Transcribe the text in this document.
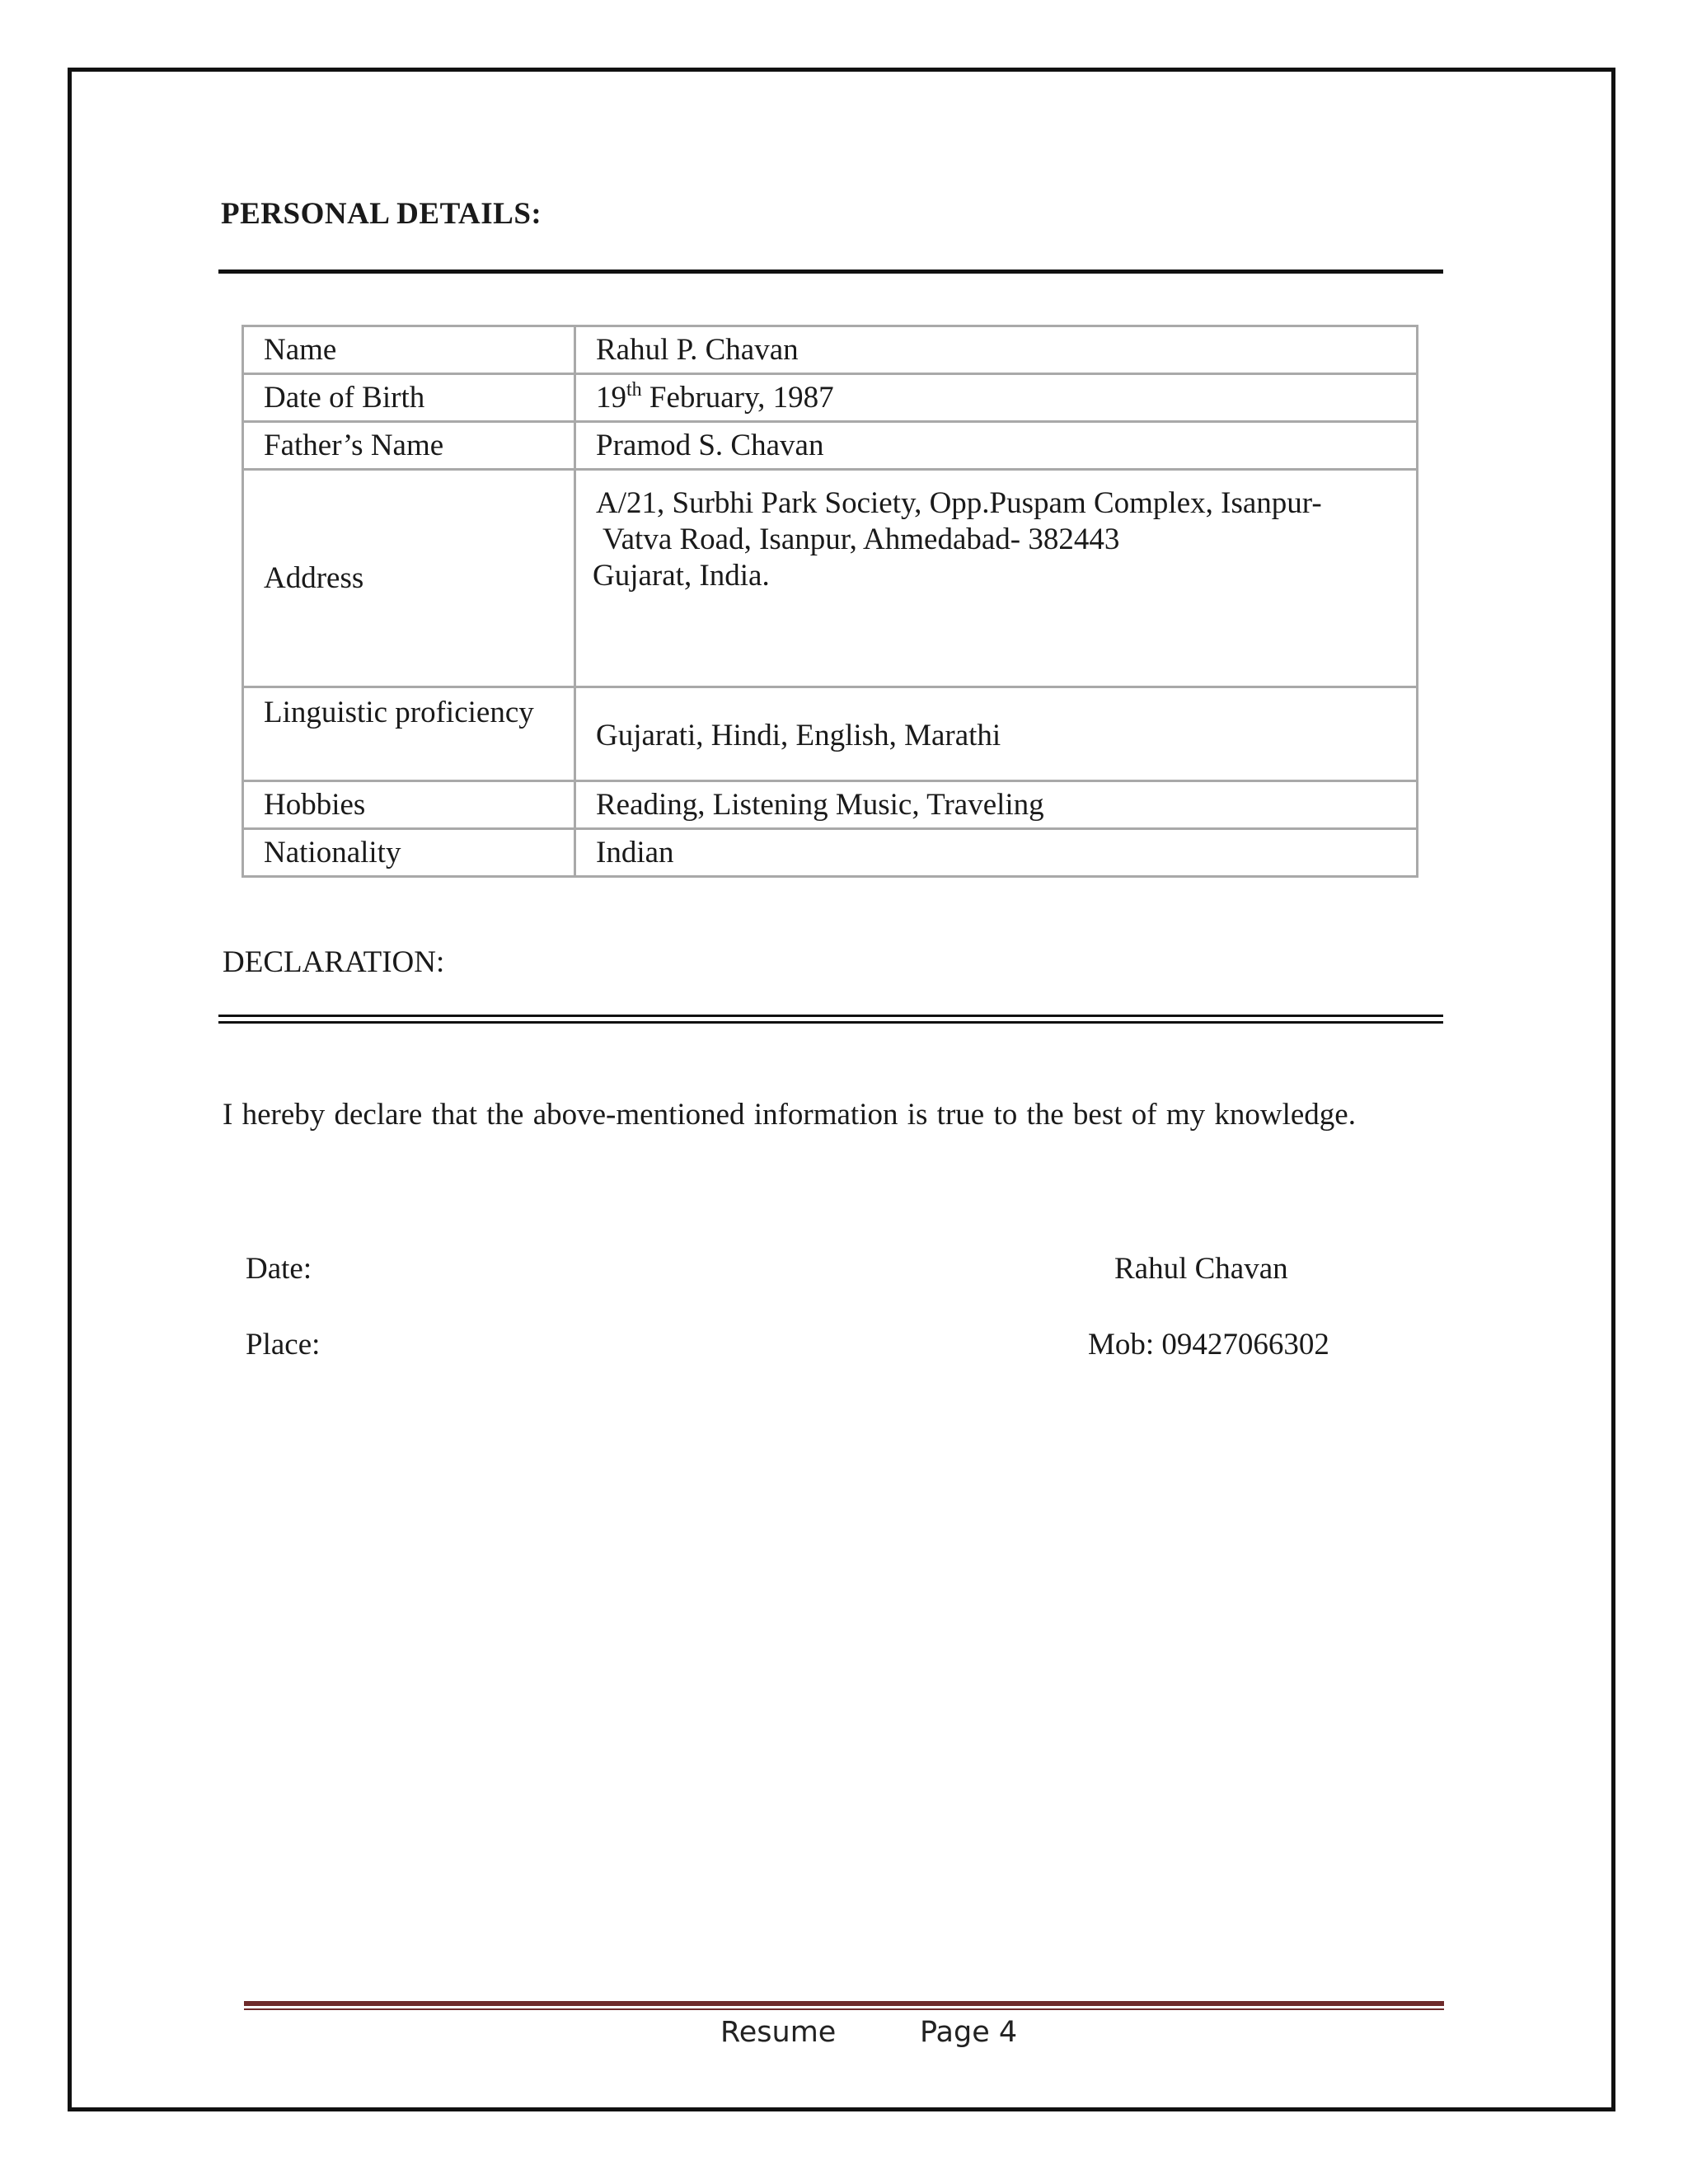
PERSONAL DETAILS:
Name	Rahul P. Chavan
Date of Birth	19th February, 1987
Father’s Name	Pramod S. Chavan
Address	A/21, Surbhi Park Society, Opp.Puspam Complex, Isanpur-
Vatva Road, Isanpur, Ahmedabad- 382443
Gujarat, India.

Linguistic proficiency	Gujarati, Hindi, English, Marathi
Hobbies	Reading, Listening Music, Traveling
Nationality	Indian
DECLARATION:
I hereby declare that the above-mentioned information is true to the best of my knowledge.
Date:
Place:
Rahul Chavan
Mob: 09427066302
Resume	Page 4
